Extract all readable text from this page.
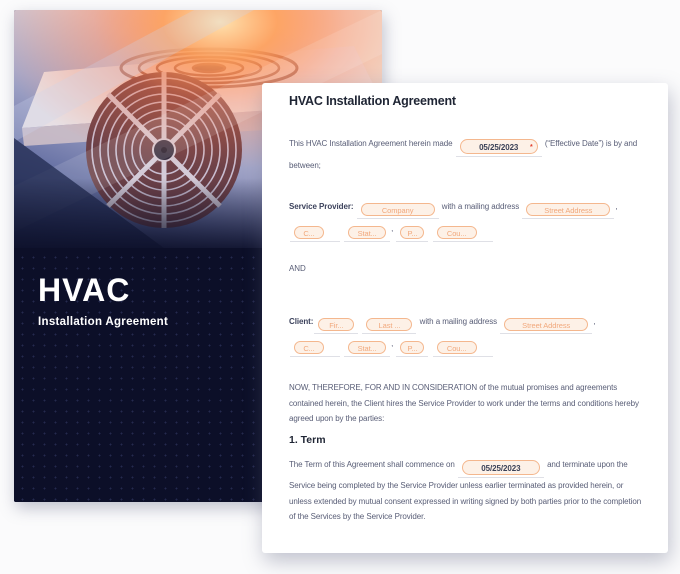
HVAC
Installation Agreement
HVAC Installation Agreement

This HVAC Installation Agreement herein made	05/25/2023 * (“Effective Date”) is by and
between;

Service Provider:	Company	with a mailing address	Street Address	,
C...	Stat... , P...	Cou...

AND

Client: Fir...	Last ... with a mailing address	Street Address	,
C...	Stat... , P...	Cou...

NOW, THEREFORE, FOR AND IN CONSIDERATION of the mutual promises and agreements contained herein, the Client hires the Service Provider to work under the terms and conditions hereby agreed upon by the parties:

1. Term

The Term of this Agreement shall commence on	05/25/2023	and terminate upon the Service being completed by the Service Provider unless earlier terminated as provided herein, or unless extended by mutual consent expressed in writing signed by both parties prior to the completion of the Services by the Service Provider.
